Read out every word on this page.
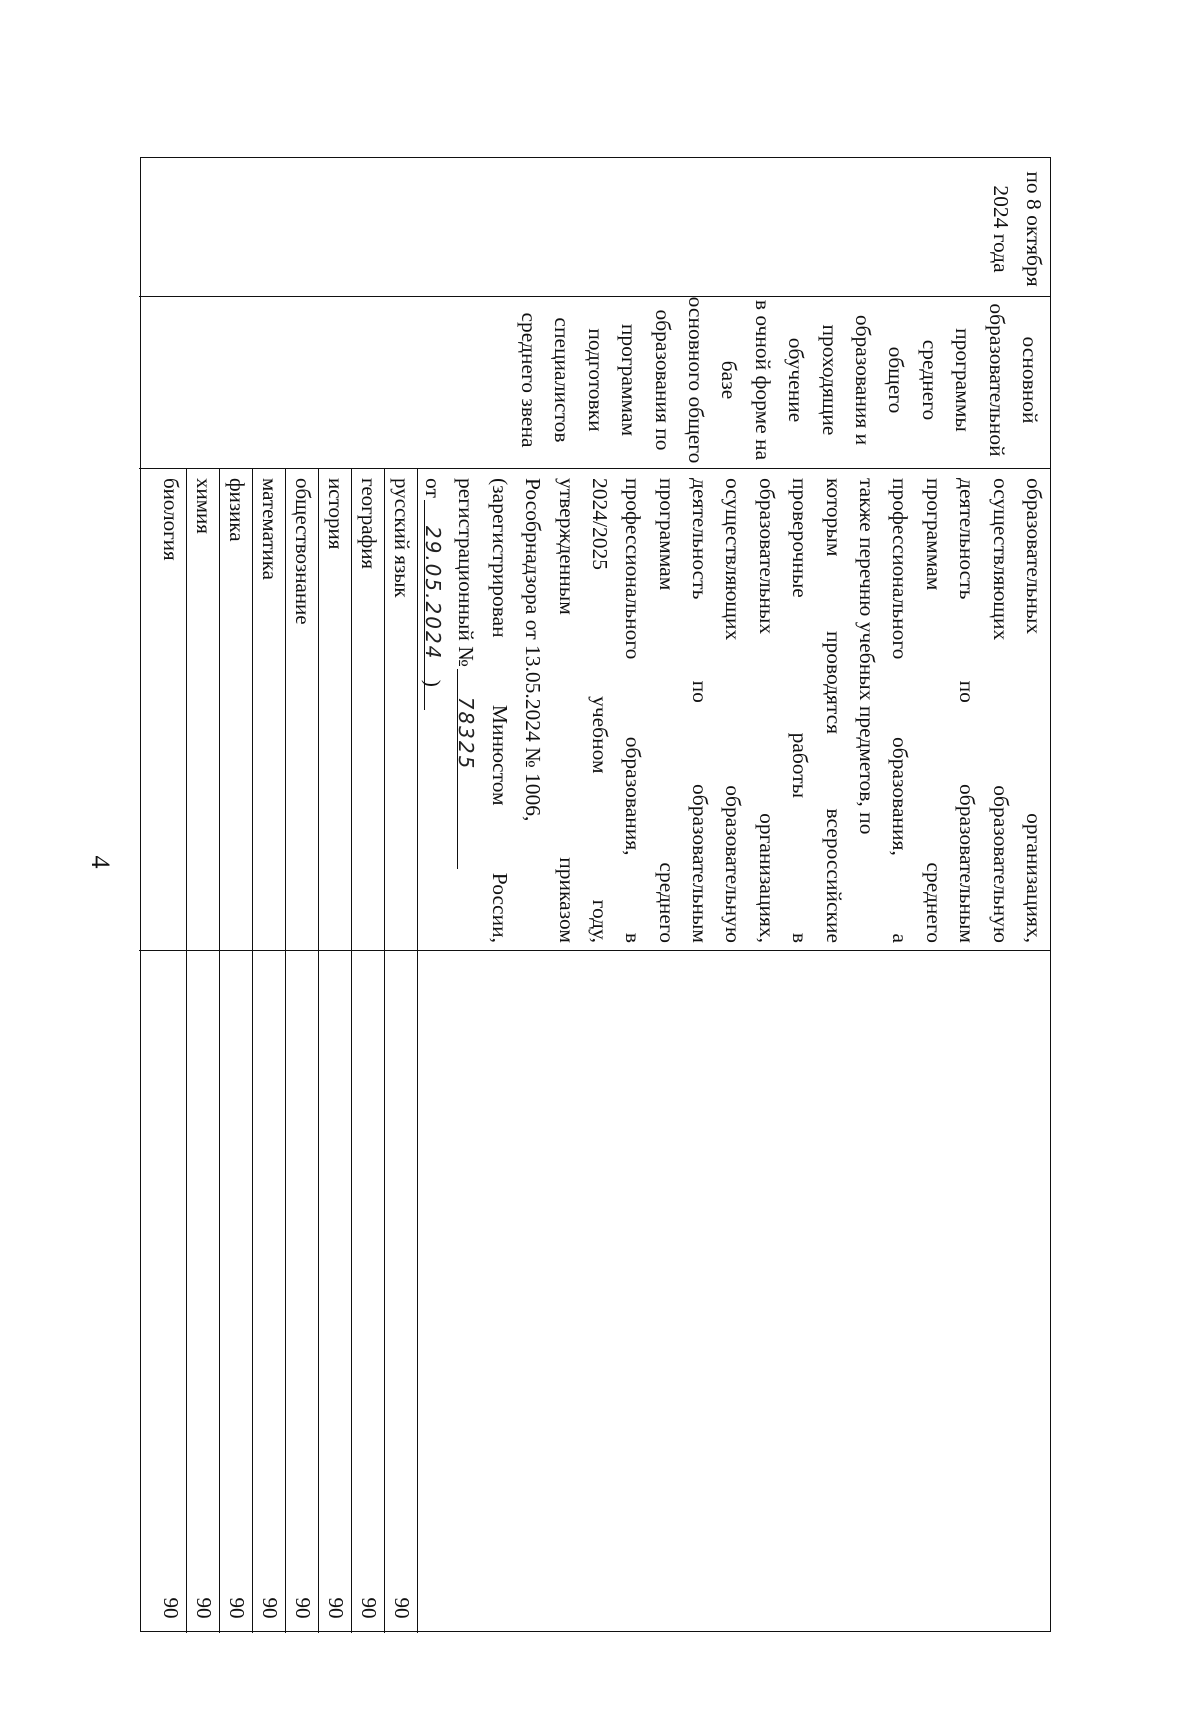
4
по 8 октября
2024 года
основной
образовательной
программы среднего
общего образования и
проходящие обучение
в очной форме на базе
основного общего
образования по
программам
подготовки
специалистов
среднего звена
образовательных
организациях,
осуществляющих
образовательную
деятельность
по
образовательным
программам
среднего
профессионального
образования,
а
также перечню учебных предметов, по
которым
проводятся
всероссийские
проверочные
работы
в
образовательных
организациях,
осуществляющих
образовательную
деятельность
по
образовательным
программам
среднего
профессионального
образования,
в
2024/2025
учебном
году,
утвержденным
приказом
Рособрнадзора от 13.05.2024 № 1006,
(зарегистрирован
Минюстом
России,
регистрационный №
78325
от
29.05.2024 )
русский язык
география
история
обществознание
математика
физика
химия
биология
90
90
90
90
90
90
90
90
